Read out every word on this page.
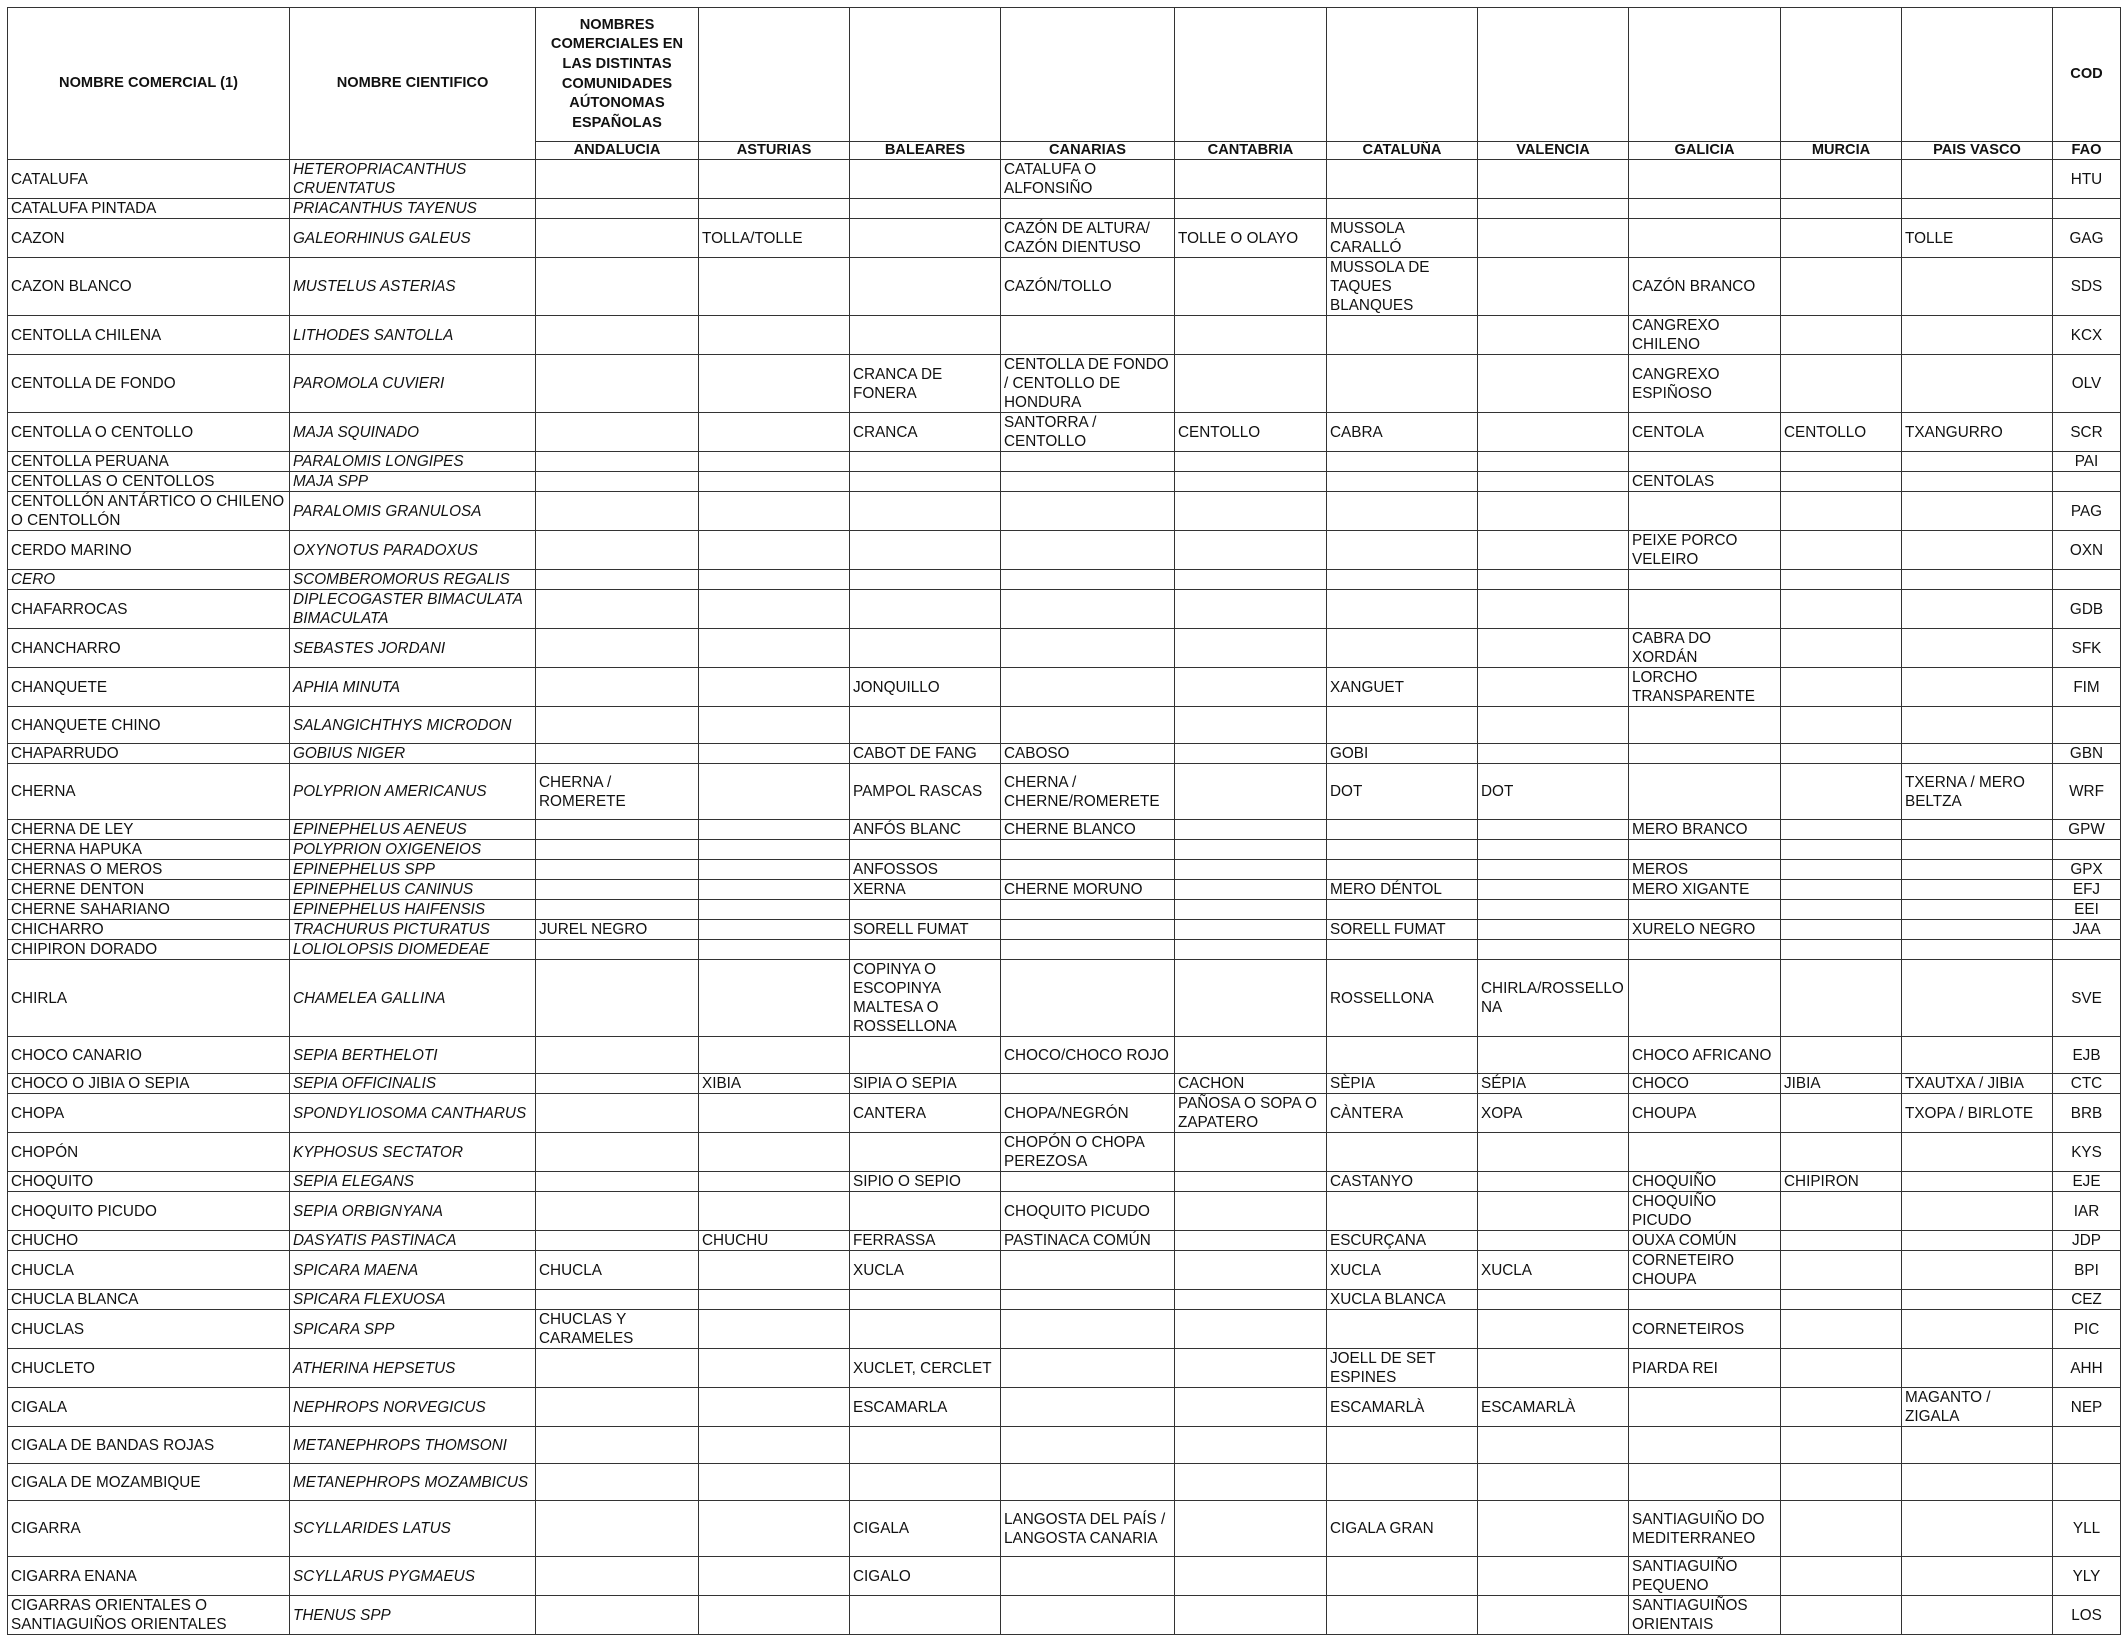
NOMBRE COMERCIAL (1)	NOMBRE CIENTIFICO	NOMBRES COMERCIALES EN LAS DISTINTAS COMUNIDADES AÚTONOMAS ESPAÑOLAS										COD
		ANDALUCIA	ASTURIAS	BALEARES	CANARIAS	CANTABRIA	CATALUÑA	VALENCIA	GALICIA	MURCIA	PAIS VASCO	FAO
CATALUFA	HETEROPRIACANTHUS CRUENTATUS				CATALUFA O ALFONSIÑO							HTU
CATALUFA PINTADA	PRIACANTHUS TAYENUS											
CAZON	GALEORHINUS GALEUS		TOLLA/TOLLE		CAZÓN DE ALTURA/ CAZÓN DIENTUSO	TOLLE O OLAYO	MUSSOLA CARALLÓ				TOLLE	GAG
CAZON BLANCO	MUSTELUS ASTERIAS				CAZÓN/TOLLO		MUSSOLA DE TAQUES BLANQUES		CAZÓN BRANCO			SDS
CENTOLLA CHILENA	LITHODES SANTOLLA								CANGREXO CHILENO			KCX
CENTOLLA DE FONDO	PAROMOLA CUVIERI			CRANCA DE FONERA	CENTOLLA DE FONDO / CENTOLLO DE HONDURA				CANGREXO ESPIÑOSO			OLV
CENTOLLA O CENTOLLO	MAJA SQUINADO			CRANCA	SANTORRA / CENTOLLO	CENTOLLO	CABRA		CENTOLA	CENTOLLO	TXANGURRO	SCR
CENTOLLA PERUANA	PARALOMIS LONGIPES											PAI
CENTOLLAS O CENTOLLOS	MAJA SPP								CENTOLAS			
CENTOLLÓN ANTÁRTICO O CHILENO O CENTOLLÓN	PARALOMIS GRANULOSA											PAG
CERDO MARINO	OXYNOTUS PARADOXUS								PEIXE PORCO VELEIRO			OXN
CERO	SCOMBEROMORUS REGALIS											
CHAFARROCAS	DIPLECOGASTER BIMACULATA BIMACULATA											GDB
CHANCHARRO	SEBASTES JORDANI								CABRA DO XORDÁN			SFK
CHANQUETE	APHIA MINUTA			JONQUILLO			XANGUET		LORCHO TRANSPARENTE			FIM
CHANQUETE CHINO	SALANGICHTHYS MICRODON											
CHAPARRUDO	GOBIUS NIGER			CABOT DE FANG	CABOSO		GOBI					GBN
CHERNA	POLYPRION AMERICANUS	CHERNA / ROMERETE		PAMPOL RASCAS	CHERNA / CHERNE/ROMERETE		DOT	DOT			TXERNA / MERO BELTZA	WRF
CHERNA DE LEY	EPINEPHELUS AENEUS			ANFÓS BLANC	CHERNE BLANCO				MERO BRANCO			GPW
CHERNA HAPUKA	POLYPRION OXIGENEIOS											
CHERNAS O MEROS	EPINEPHELUS SPP			ANFOSSOS					MEROS			GPX
CHERNE DENTON	EPINEPHELUS CANINUS			XERNA	CHERNE MORUNO		MERO DÉNTOL		MERO XIGANTE			EFJ
CHERNE SAHARIANO	EPINEPHELUS HAIFENSIS											EEI
CHICHARRO	TRACHURUS PICTURATUS	JUREL NEGRO		SORELL FUMAT			SORELL FUMAT		XURELO NEGRO			JAA
CHIPIRON DORADO	LOLIOLOPSIS DIOMEDEAE											
CHIRLA	CHAMELEA GALLINA			COPINYA O ESCOPINYA MALTESA O ROSSELLONA			ROSSELLONA	CHIRLA/ROSSELLONA				SVE
CHOCO CANARIO	SEPIA BERTHELOTI				CHOCO/CHOCO ROJO				CHOCO AFRICANO			EJB
CHOCO O JIBIA O SEPIA	SEPIA OFFICINALIS		XIBIA	SIPIA O SEPIA		CACHON	SÈPIA	SÉPIA	CHOCO	JIBIA	TXAUTXA / JIBIA	CTC
CHOPA	SPONDYLIOSOMA CANTHARUS			CANTERA	CHOPA/NEGRÓN	PAÑOSA O SOPA O ZAPATERO	CÀNTERA	XOPA	CHOUPA		TXOPA / BIRLOTE	BRB
CHOPÓN	KYPHOSUS SECTATOR				CHOPÓN O CHOPA PEREZOSA							KYS
CHOQUITO	SEPIA ELEGANS			SIPIO O SEPIO			CASTANYO		CHOQUIÑO	CHIPIRON		EJE
CHOQUITO PICUDO	SEPIA ORBIGNYANA				CHOQUITO PICUDO				CHOQUIÑO PICUDO			IAR
CHUCHO	DASYATIS PASTINACA		CHUCHU	FERRASSA	PASTINACA COMÚN		ESCURÇANA		OUXA COMÚN			JDP
CHUCLA	SPICARA MAENA	CHUCLA		XUCLA			XUCLA	XUCLA	CORNETEIRO CHOUPA			BPI
CHUCLA BLANCA	SPICARA FLEXUOSA						XUCLA BLANCA					CEZ
CHUCLAS	SPICARA SPP	CHUCLAS Y CARAMELES							CORNETEIROS			PIC
CHUCLETO	ATHERINA HEPSETUS			XUCLET, CERCLET			JOELL DE SET ESPINES		PIARDA REI			AHH
CIGALA	NEPHROPS NORVEGICUS			ESCAMARLA			ESCAMARLÀ	ESCAMARLÀ			MAGANTO / ZIGALA	NEP
CIGALA DE BANDAS ROJAS	METANEPHROPS THOMSONI											
CIGALA DE MOZAMBIQUE	METANEPHROPS MOZAMBICUS											
CIGARRA	SCYLLARIDES LATUS			CIGALA	LANGOSTA DEL PAÍS / LANGOSTA CANARIA		CIGALA GRAN		SANTIAGUIÑO DO MEDITERRANEO			YLL
CIGARRA ENANA	SCYLLARUS PYGMAEUS			CIGALO					SANTIAGUIÑO PEQUENO			YLY
CIGARRAS ORIENTALES O SANTIAGUIÑOS ORIENTALES	THENUS SPP								SANTIAGUIÑOS ORIENTAIS			LOS
